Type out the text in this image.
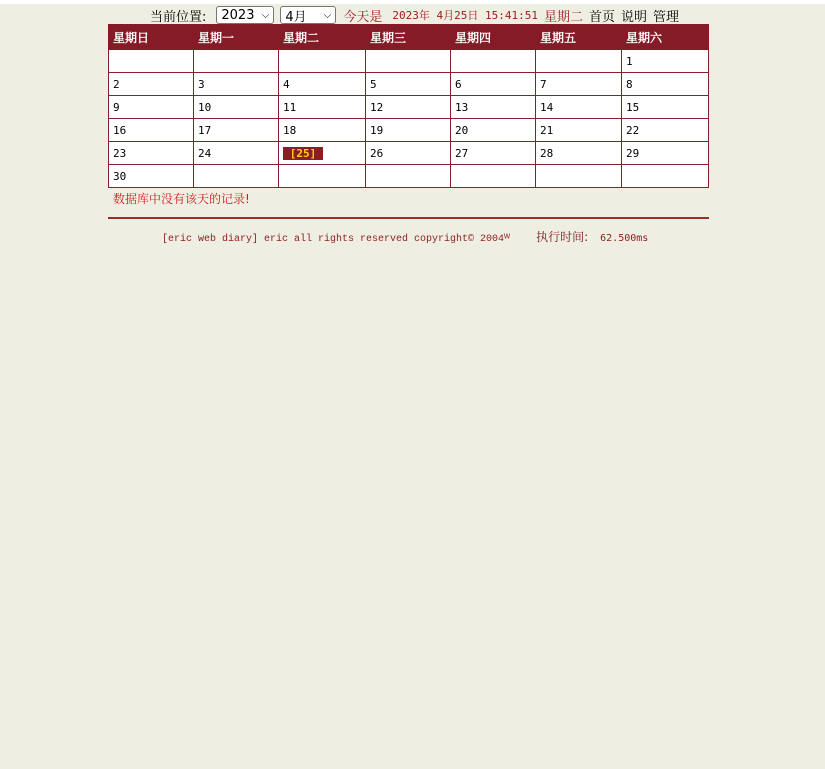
当前位置: 2023 ⌵ 4月 ⌵ 今天是 2023年 4月25日 15:41:51 星期二 首页 说明 管理
星期日	星期一	星期二	星期三	星期四	星期五	星期六
						1
2	3	4	5	6	7	8
9	10	11	12	13	14	15
16	17	18	19	20	21	22
23	24	[25]	26	27	28	29
30						
数据库中没有该天的记录!
[eric web diary] eric all rights reserved copyright© 2004ᵂ 执行时间: 62.500ms
